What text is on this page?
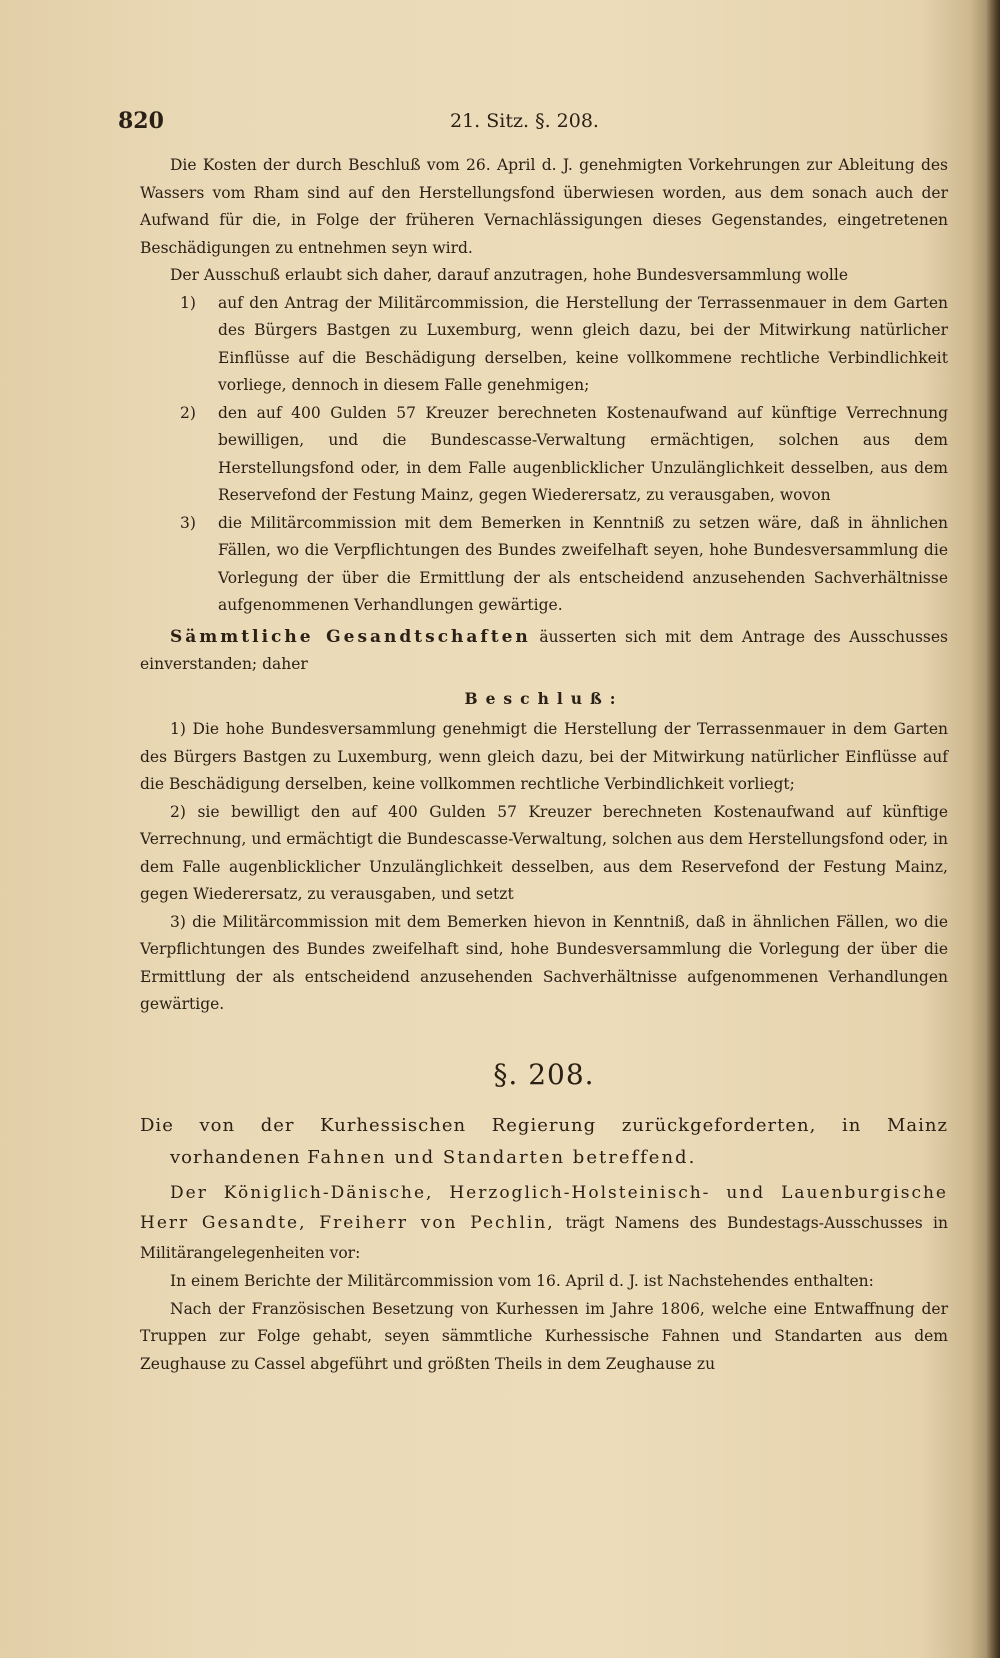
820	21. Sitz. §. 208.

Die Kosten der durch Beschluß vom 26. April d. J. genehmigten Vorkehrungen zur Ableitung des Wassers vom Rham sind auf den Herstellungsfond überwiesen worden, aus dem sonach auch der Aufwand für die, in Folge der früheren Vernachlässigungen dieses Gegenstandes, eingetretenen Beschädigungen zu entnehmen seyn wird.

Der Ausschuß erlaubt sich daher, darauf anzutragen, hohe Bundesversammlung wolle

1) auf den Antrag der Militärcommission, die Herstellung der Terrassenmauer in dem Garten des Bürgers Bastgen zu Luxemburg, wenn gleich dazu, bei der Mitwirkung natürlicher Einflüsse auf die Beschädigung derselben, keine vollkommene rechtliche Verbindlichkeit vorliege, dennoch in diesem Falle genehmigen;

2) den auf 400 Gulden 57 Kreuzer berechneten Kostenaufwand auf künftige Verrechnung bewilligen, und die Bundescasse-Verwaltung ermächtigen, solchen aus dem Herstellungsfond oder, in dem Falle augenblicklicher Unzulänglichkeit desselben, aus dem Reservefond der Festung Mainz, gegen Wiederersatz, zu verausgaben, wovon

3) die Militärcommission mit dem Bemerken in Kenntniß zu setzen wäre, daß in ähnlichen Fällen, wo die Verpflichtungen des Bundes zweifelhaft seyen, hohe Bundesversammlung die Vorlegung der über die Ermittlung der als entscheidend anzusehenden Sachverhältnisse aufgenommenen Verhandlungen gewärtige.

Sämmtliche Gesandtschaften äusserten sich mit dem Antrage des Ausschusses einverstanden; daher

Beschluß:

1) Die hohe Bundesversammlung genehmigt die Herstellung der Terrassenmauer in dem Garten des Bürgers Bastgen zu Luxemburg, wenn gleich dazu, bei der Mitwirkung natürlicher Einflüsse auf die Beschädigung derselben, keine vollkommen rechtliche Verbindlichkeit vorliegt;

2) sie bewilligt den auf 400 Gulden 57 Kreuzer berechneten Kostenaufwand auf künftige Verrechnung, und ermächtigt die Bundescasse-Verwaltung, solchen aus dem Herstellungsfond oder, in dem Falle augenblicklicher Unzulänglichkeit desselben, aus dem Reservefond der Festung Mainz, gegen Wiederersatz, zu verausgaben, und setzt

3) die Militärcommission mit dem Bemerken hievon in Kenntniß, daß in ähnlichen Fällen, wo die Verpflichtungen des Bundes zweifelhaft sind, hohe Bundesversammlung die Vorlegung der über die Ermittlung der als entscheidend anzusehenden Sachverhältnisse aufgenommenen Verhandlungen gewärtige.

§. 208.

Die von der Kurhessischen Regierung zurückgeforderten, in Mainz vorhandenen Fahnen und Standarten betreffend.

Der Königlich-Dänische, Herzoglich-Holsteinisch- und Lauenburgische Herr Gesandte, Freiherr von Pechlin, trägt Namens des Bundestags-Ausschusses in Militärangelegenheiten vor:

In einem Berichte der Militärcommission vom 16. April d. J. ist Nachstehendes enthalten:

Nach der Französischen Besetzung von Kurhessen im Jahre 1806, welche eine Entwaffnung der Truppen zur Folge gehabt, seyen sämmtliche Kurhessische Fahnen und Standarten aus dem Zeughause zu Cassel abgeführt und größten Theils in dem Zeughause zu
